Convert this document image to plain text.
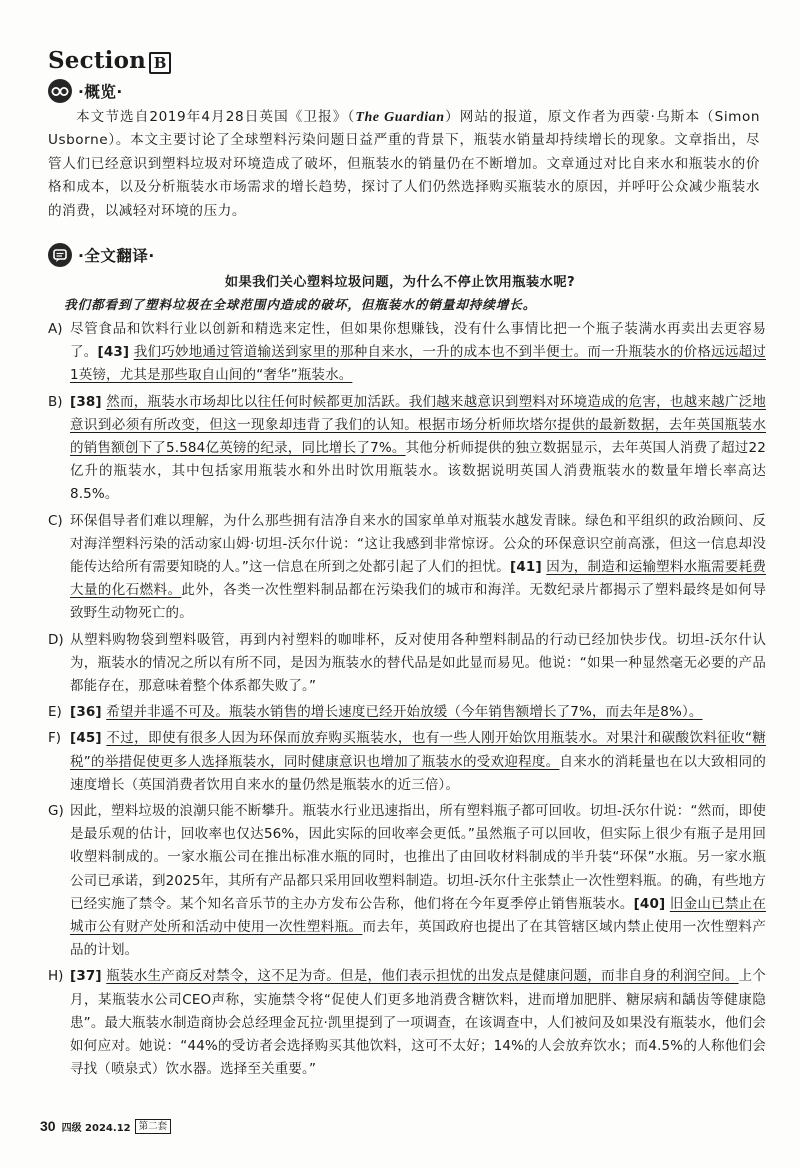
Section B
·概览·

本文节选自2019年4月28日英国《卫报》（The Guardian）网站的报道，原文作者为西蒙·乌斯本（Simon Usborne）。本文主要讨论了全球塑料污染问题日益严重的背景下，瓶装水销量却持续增长的现象。文章指出，尽管人们已经意识到塑料垃圾对环境造成了破坏，但瓶装水的销量仍在不断增加。文章通过对比自来水和瓶装水的价格和成本，以及分析瓶装水市场需求的增长趋势，探讨了人们仍然选择购买瓶装水的原因，并呼吁公众减少瓶装水的消费，以减轻对环境的压力。

·全文翻译·
如果我们关心塑料垃圾问题，为什么不停止饮用瓶装水呢?
我们都看到了塑料垃圾在全球范围内造成的破坏，但瓶装水的销量却持续增长。
A) 尽管食品和饮料行业以创新和精选来定性，但如果你想赚钱，没有什么事情比把一个瓶子装满水再卖出去更容易了。[43] 我们巧妙地通过管道输送到家里的那种自来水，一升的成本也不到半便士。而一升瓶装水的价格远远超过1英镑，尤其是那些取自山间的“奢华”瓶装水。
B) [38] 然而，瓶装水市场却比以往任何时候都更加活跃。我们越来越意识到塑料对环境造成的危害，也越来越广泛地意识到必须有所改变，但这一现象却违背了我们的认知。根据市场分析师坎塔尔提供的最新数据，去年英国瓶装水的销售额创下了5.584亿英镑的纪录，同比增长了7%。其他分析师提供的独立数据显示，去年英国人消费了超过22亿升的瓶装水，其中包括家用瓶装水和外出时饮用瓶装水。该数据说明英国人消费瓶装水的数量年增长率高达8.5%。
C) 环保倡导者们难以理解，为什么那些拥有洁净自来水的国家单单对瓶装水越发青睐。绿色和平组织的政治顾问、反对海洋塑料污染的活动家山姆·切坦-沃尔什说：“这让我感到非常惊讶。公众的环保意识空前高涨，但这一信息却没能传达给所有需要知晓的人。”这一信息在所到之处都引起了人们的担忧。[41] 因为，制造和运输塑料水瓶需要耗费大量的化石燃料。此外，各类一次性塑料制品都在污染我们的城市和海洋。无数纪录片都揭示了塑料最终是如何导致野生动物死亡的。
D) 从塑料购物袋到塑料吸管，再到内衬塑料的咖啡杯，反对使用各种塑料制品的行动已经加快步伐。切坦-沃尔什认为，瓶装水的情况之所以有所不同，是因为瓶装水的替代品是如此显而易见。他说：“如果一种显然毫无必要的产品都能存在，那意味着整个体系都失败了。”
E) [36] 希望并非遥不可及。瓶装水销售的增长速度已经开始放缓（今年销售额增长了7%，而去年是8%）。
F) [45] 不过，即使有很多人因为环保而放弃购买瓶装水，也有一些人刚开始饮用瓶装水。对果汁和碳酸饮料征收“糖税”的举措促使更多人选择瓶装水，同时健康意识也增加了瓶装水的受欢迎程度。自来水的消耗量也在以大致相同的速度增长（英国消费者饮用自来水的量仍然是瓶装水的近三倍）。
G) 因此，塑料垃圾的浪潮只能不断攀升。瓶装水行业迅速指出，所有塑料瓶子都可回收。切坦-沃尔什说：“然而，即使是最乐观的估计，回收率也仅达56%，因此实际的回收率会更低。”虽然瓶子可以回收，但实际上很少有瓶子是用回收塑料制成的。一家水瓶公司在推出标准水瓶的同时，也推出了由回收材料制成的半升装“环保”水瓶。另一家水瓶公司已承诺，到2025年，其所有产品都只采用回收塑料制造。切坦-沃尔什主张禁止一次性塑料瓶。的确，有些地方已经实施了禁令。某个知名音乐节的主办方发布公告称，他们将在今年夏季停止销售瓶装水。[40] 旧金山已禁止在城市公有财产处所和活动中使用一次性塑料瓶。而去年，英国政府也提出了在其管辖区域内禁止使用一次性塑料产品的计划。
H) [37] 瓶装水生产商反对禁令，这不足为奇。但是，他们表示担忧的出发点是健康问题，而非自身的利润空间。上个月，某瓶装水公司CEO声称，实施禁令将“促使人们更多地消费含糖饮料，进而增加肥胖、糖尿病和龋齿等健康隐患”。最大瓶装水制造商协会总经理金瓦拉·凯里提到了一项调查，在该调查中，人们被问及如果没有瓶装水，他们会如何应对。她说：“44%的受访者会选择购买其他饮料，这可不太好；14%的人会放弃饮水；而4.5%的人称他们会寻找（喷泉式）饮水器。选择至关重要。”
30 四级 2024.12 第二套
